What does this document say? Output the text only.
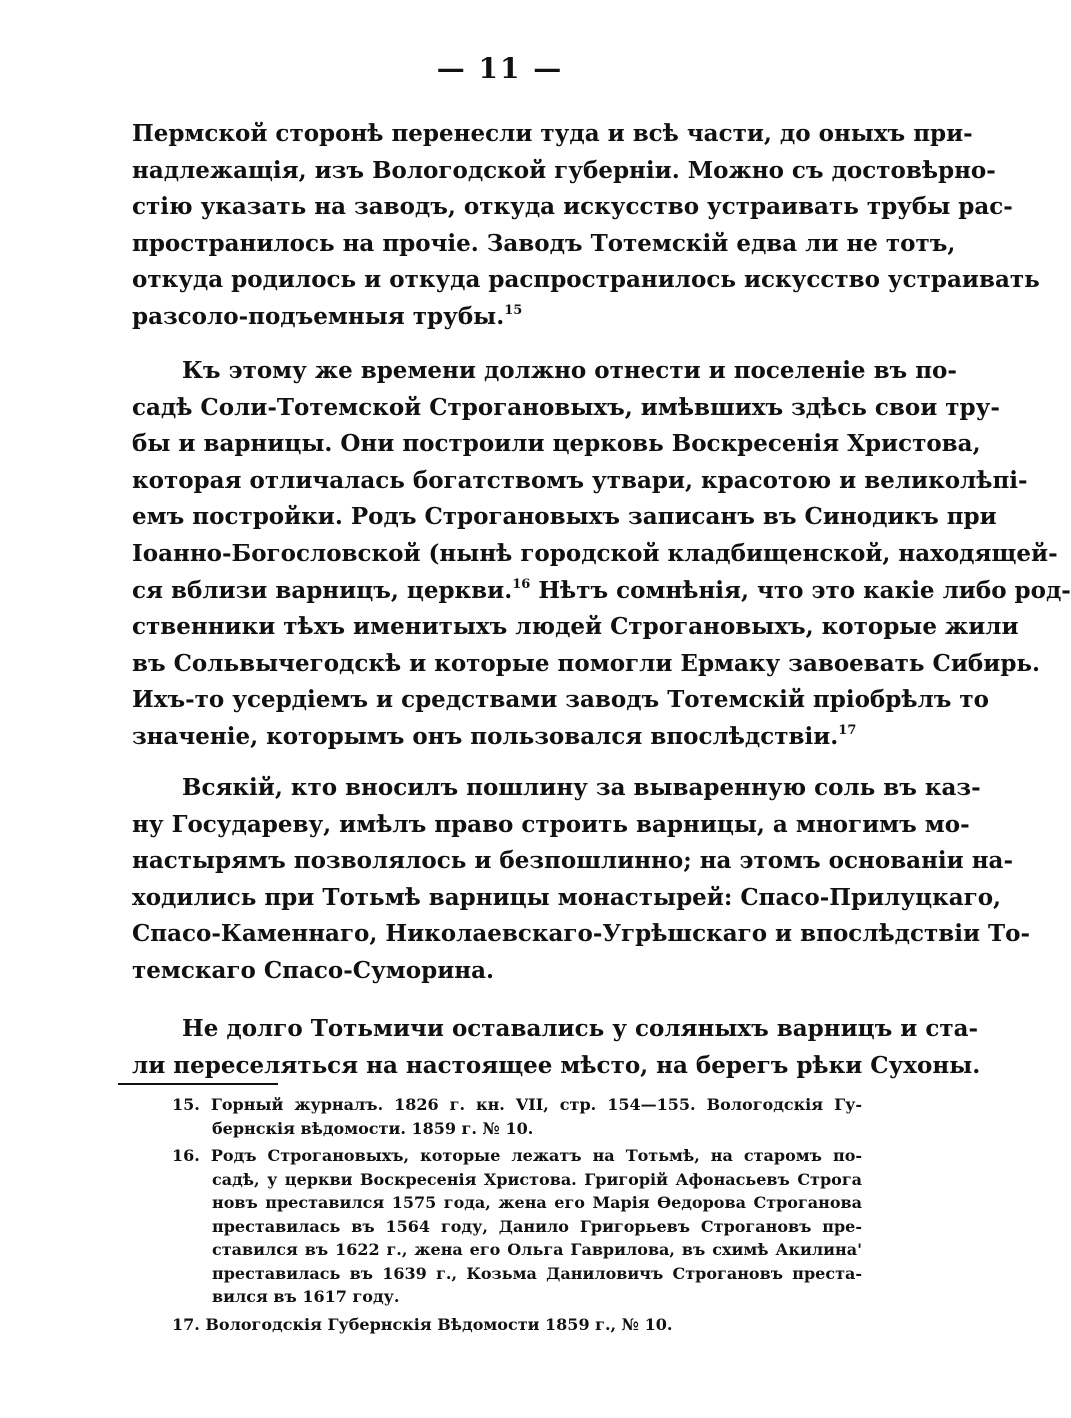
— 11 —
Пермской сторонѣ перенесли туда и всѣ части, до оныхъ при-
надлежащія, изъ Вологодской губерніи. Можно съ достовѣрно-
стію указать на заводъ, откуда искусство устраивать трубы рас-
пространилось на прочіе. Заводъ Тотемскій едва ли не тотъ,
откуда родилось и откуда распространилось искусство устраивать
разсоло-подъемныя трубы.$^{15}$
Къ этому же времени должно отнести и поселеніе въ по-
садѣ Соли-Тотемской Строгановыхъ, имѣвшихъ здѣсь свои тру-
бы и варницы. Они построили церковь Воскресенія Христова,
которая отличалась богатствомъ утвари, красотою и великолѣпі-
емъ постройки. Родъ Строгановыхъ записанъ въ Синодикъ при
Іоанно-Богословской (нынѣ городской кладбищенской, находящей-
ся вблизи варницъ, церкви.$^{16}$ Нѣтъ сомнѣнія, что это какіе либо род-
ственники тѣхъ именитыхъ людей Строгановыхъ, которые жили
въ Сольвычегодскѣ и которые помогли Ермаку завоевать Сибирь.
Ихъ-то усердіемъ и средствами заводъ Тотемскій пріобрѣлъ то
значеніе, которымъ онъ пользовался впослѣдствіи.$^{17}$
Всякій, кто вносилъ пошлину за вываренную соль въ каз-
ну Государеву, имѣлъ право строить варницы, а многимъ мо-
настырямъ позволялось и безпошлинно; на этомъ основаніи на-
ходились при Тотьмѣ варницы монастырей: Спасо-Прилуцкаго,
Спасо-Каменнаго, Николаевскаго-Угрѣшскаго и впослѣдствіи То-
темскаго Спасо-Суморина.
Не долго Тотьмичи оставались у соляныхъ варницъ и ста-
ли переселяться на настоящее мѣсто, на берегъ рѣки Сухоны.
15. Горный журналъ. 1826 г. кн. VII, стр. 154—155. Вологодскія Гу-
бернскія вѣдомости. 1859 г. № 10.
16. Родъ Строгановыхъ, которые лежатъ на Тотьмѣ, на старомъ по-
садѣ, у церкви Воскресенія Христова. Григорій Афонасьевъ Строга
новъ преставился 1575 года, жена его Марія Өедорова Строганова
преставилась въ 1564 году, Данило Григорьевъ Строгановъ пре-
ставился въ 1622 г., жена его Ольга Гаврилова, въ схимѣ Акилина'
преставилась въ 1639 г., Козьма Даниловичъ Строгановъ преста-
вился въ 1617 году.
17. Вологодскія Губернскія Вѣдомости 1859 г., № 10.
